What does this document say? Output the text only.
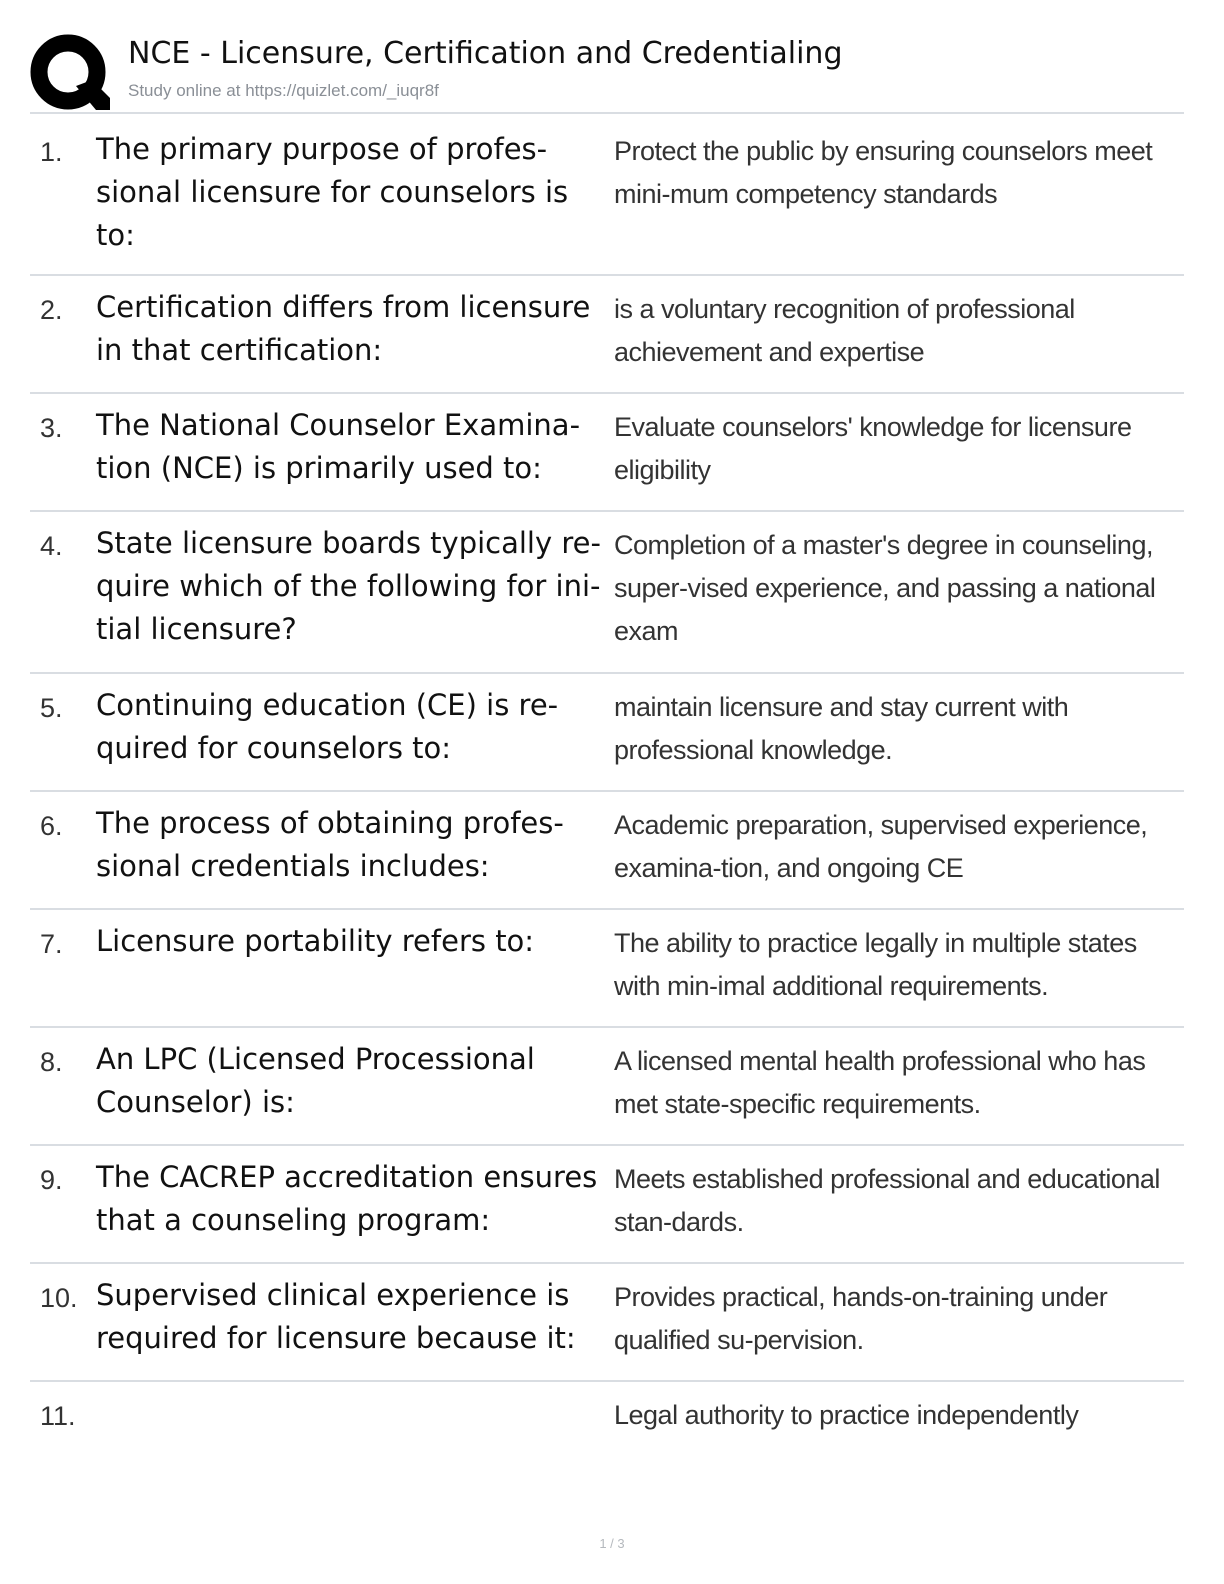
NCE - Licensure, Certification and Credentialing
Study online at https://quizlet.com/_iuqr8f
1. The primary purpose of profes-sional licensure for counselors is to:
Protect the public by ensuring counselors meet mini-mum competency standards
2. Certification differs from licensure in that certification:
is a voluntary recognition of professional achievement and expertise
3. The National Counselor Examina-tion (NCE) is primarily used to:
Evaluate counselors' knowledge for licensure eligibility
4. State licensure boards typically re-quire which of the following for ini-tial licensure?
Completion of a master's degree in counseling, super-vised experience, and passing a national exam
5. Continuing education (CE) is re-quired for counselors to:
maintain licensure and stay current with professional knowledge.
6. The process of obtaining profes-sional credentials includes:
Academic preparation, supervised experience, examina-tion, and ongoing CE
7. Licensure portability refers to:	The ability to practice legally in multiple states with min-imal additional requirements.
8. An LPC (Licensed Processional Counselor) is:
A licensed mental health professional who has met state-specific requirements.
9. The CACREP accreditation ensures that a counseling program:
Meets established professional and educational stan-dards.
10. Supervised clinical experience is required for licensure because it:
Provides practical, hands-on-training under qualified su-pervision.
11.	Legal authority to practice independently
1 / 3
